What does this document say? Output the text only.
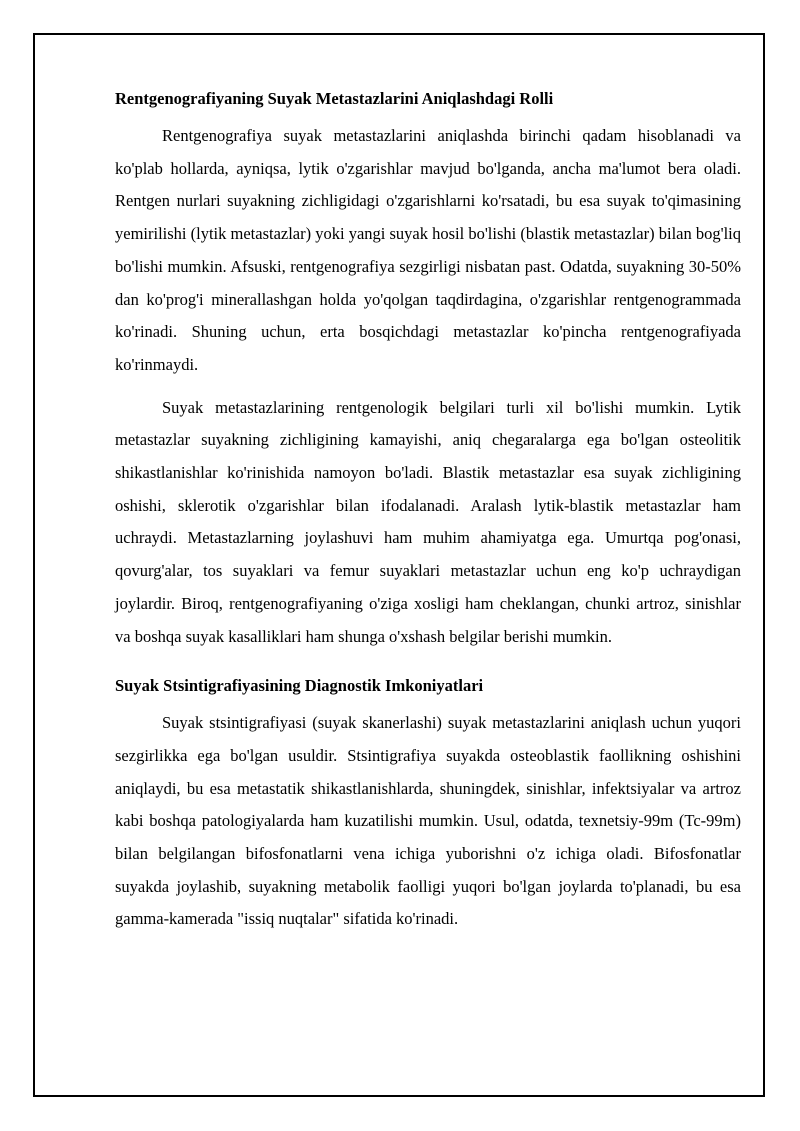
Rentgenografiyaning Suyak Metastazlarini Aniqlashdagi Rolli

Rentgenografiya suyak metastazlarini aniqlashda birinchi qadam hisoblanadi va ko'plab hollarda, ayniqsa, lytik o'zgarishlar mavjud bo'lganda, ancha ma'lumot bera oladi. Rentgen nurlari suyakning zichligidagi o'zgarishlarni ko'rsatadi, bu esa suyak to'qimasining yemirilishi (lytik metastazlar) yoki yangi suyak hosil bo'lishi (blastik metastazlar) bilan bog'liq bo'lishi mumkin. Afsuski, rentgenografiya sezgirligi nisbatan past. Odatda, suyakning 30-50% dan ko'prog'i minerallashgan holda yo'qolgan taqdirdagina, o'zgarishlar rentgenogrammada ko'rinadi. Shuning uchun, erta bosqichdagi metastazlar ko'pincha rentgenografiyada ko'rinmaydi.

Suyak metastazlarining rentgenologik belgilari turli xil bo'lishi mumkin. Lytik metastazlar suyakning zichligining kamayishi, aniq chegaralarga ega bo'lgan osteolitik shikastlanishlar ko'rinishida namoyon bo'ladi. Blastik metastazlar esa suyak zichligining oshishi, sklerotik o'zgarishlar bilan ifodalanadi. Aralash lytik-blastik metastazlar ham uchraydi. Metastazlarning joylashuvi ham muhim ahamiyatga ega. Umurtqa pog'onasi, qovurg'alar, tos suyaklari va femur suyaklari metastazlar uchun eng ko'p uchraydigan joylardir. Biroq, rentgenografiyaning o'ziga xosligi ham cheklangan, chunki artroz, sinishlar va boshqa suyak kasalliklari ham shunga o'xshash belgilar berishi mumkin.

Suyak Stsintigrafiyasining Diagnostik Imkoniyatlari

Suyak stsintigrafiyasi (suyak skanerlashi) suyak metastazlarini aniqlash uchun yuqori sezgirlikka ega bo'lgan usuldir. Stsintigrafiya suyakda osteoblastik faollikning oshishini aniqlaydi, bu esa metastatik shikastlanishlarda, shuningdek, sinishlar, infektsiyalar va artroz kabi boshqa patologiyalarda ham kuzatilishi mumkin. Usul, odatda, texnetsiy-99m (Tc-99m) bilan belgilangan bifosfonatlarni vena ichiga yuborishni o'z ichiga oladi. Bifosfonatlar suyakda joylashib, suyakning metabolik faolligi yuqori bo'lgan joylarda to'planadi, bu esa gamma-kamerada "issiq nuqtalar" sifatida ko'rinadi.
